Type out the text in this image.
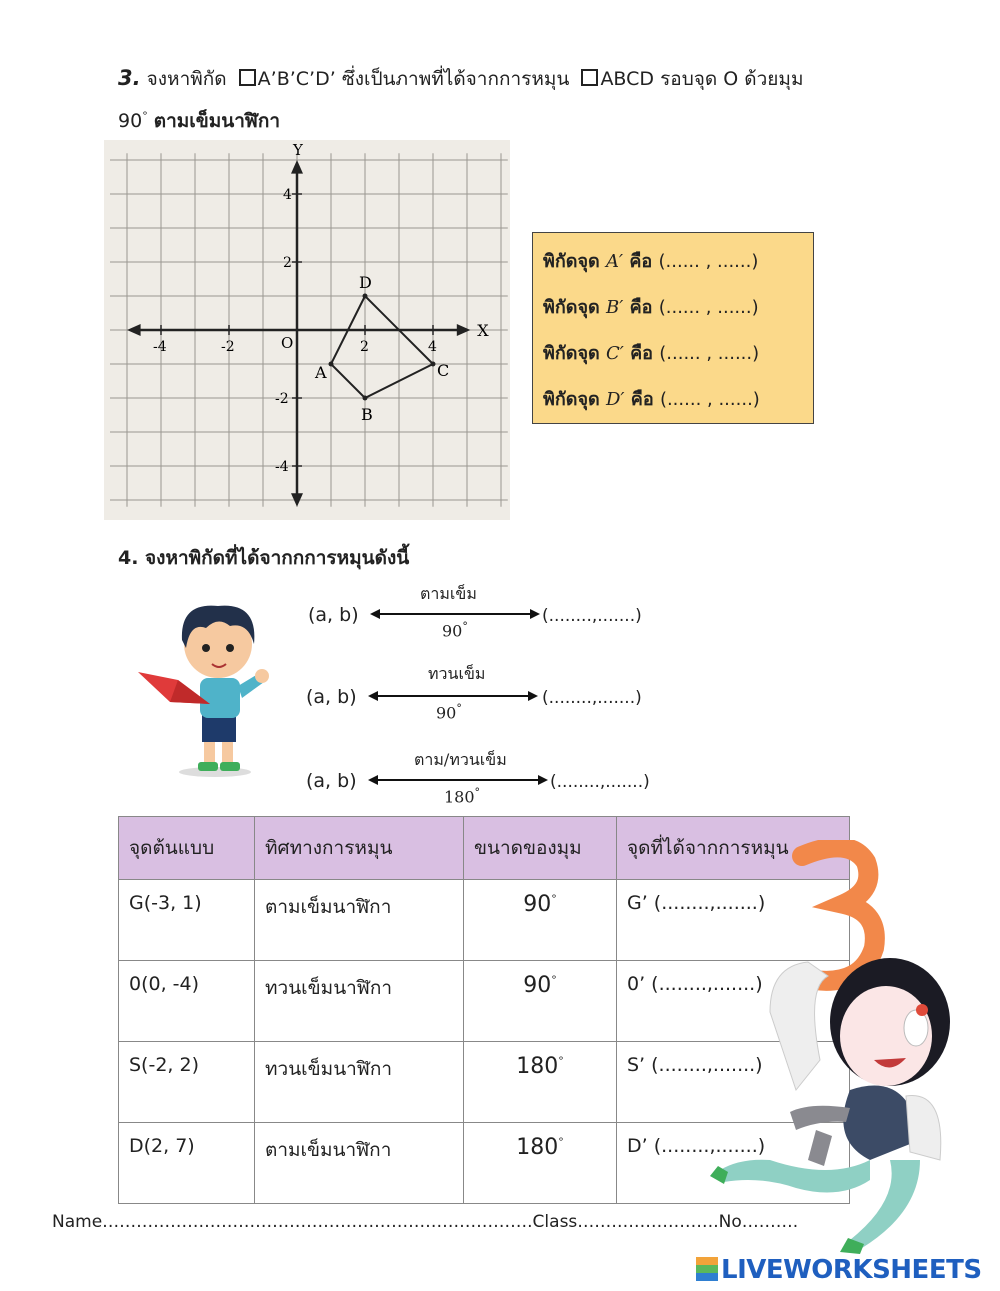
3. จงหาพิกัด A’B’C’D’ ซึ่งเป็นภาพที่ได้จากการหมุน ABCD รอบจุด O ด้วยมุม
90° ตามเข็มนาฬิกา
X
Y
O
-4	-2	2	4
4
2
-2
-4
A
B
C
D
พิกัดจุด A′ คือ (...... , ......)
พิกัดจุด B′ คือ (...... , ......)
พิกัดจุด C′ คือ (...... , ......)
พิกัดจุด D′ คือ (...... , ......)
4. จงหาพิกัดที่ได้จากกการหมุนดังนี้
(a, b)
ตามเข็ม
90°
(........,.......)
(a, b)
ทวนเข็ม
90°
(........,.......)
(a, b)
ตาม/ทวนเข็ม
180°
(........,.......)
จุดต้นแบบ	ทิศทางการหมุน	ขนาดของมุม	จุดที่ได้จากการหมุน
G(-3, 1)	ตามเข็มนาฬิกา	90°	G’ (........,.......)
0(0, -4)	ทวนเข็มนาฬิกา	90°	0’ (........,.......)
S(-2, 2)	ทวนเข็มนาฬิกา	180°	S’ (........,.......)
D(2, 7)	ตามเข็มนาฬิกา	180°	D’ (........,.......)
Name………………………………………………………………….Class…………………….No……….
LIVEWORKSHEETS
